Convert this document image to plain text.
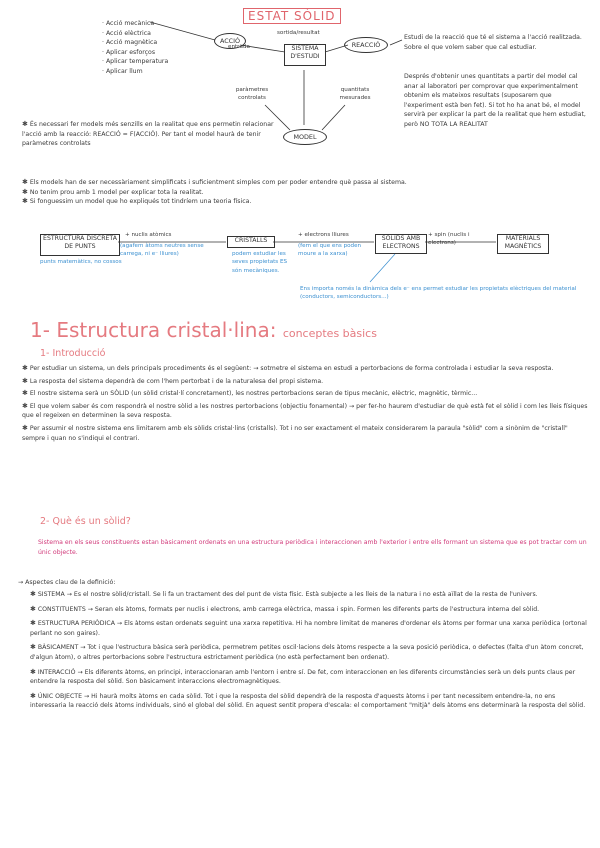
ESTAT SÒLID
· Acció mecànica
· Acció elèctrica
· Acció magnètica
· Aplicar esforços
· Aplicar temperatura
· Aplicar llum
ACCIÓ
entrada
sortida/resultat
SISTEMA D'ESTUDI
REACCIÓ
paràmetres controlats
quantitats mesurades
MODEL
Estudi de la reacció que té el sistema a l'acció realitzada. Sobre el que volem saber que cal estudiar.
Després d'obtenir unes quantitats a partir del model cal anar al laboratori per comprovar que experimentalment obtenim els mateixos resultats (suposarem que l'experiment està ben fet). Si tot ho ha anat bé, el model servirà per explicar la part de la realitat que hem estudiat, però NO TOTA LA REALITAT
✱ És necessari fer models més senzills en la realitat que ens permetin relacionar l'acció amb la reacció: REACCIÓ = F(ACCIÓ). Per tant el model haurà de tenir paràmetres controlats
✱ Els models han de ser necessàriament simplificats i suficientment simples com per poder entendre què passa al sistema.
✱ No tenim prou amb 1 model per explicar tota la realitat.
✱ Si fonguessim un model que ho expliqués tot tindríem una teoria física.
ESTRUCTURA DISCRETA DE PUNTS
punts matemàtics, no cossos
+ nuclis atòmics
(agafem àtoms neutres sense carrega, ni e⁻ lliures)
CRISTALLS
podem estudiar les seves propietats ES són mecàniques.
+ electrons lliures
(fem el que ens poden moure a la xarxa)
SÒLIDS AMB ELECTRONS
+ spin (nuclis i electrons)
MATERIALS MAGNÈTICS
Ens importa només la dinàmica dels e⁻ ens permet estudiar les propietats elèctriques del material (conductors, semiconductors...)
1- Estructura cristal·lina: conceptes bàsics
1- Introducció
✱ Per estudiar un sistema, un dels principals procediments és el següent: → sotmetre el sistema en estudi a pertorbacions de forma controlada i estudiar la seva resposta.
✱ La resposta del sistema dependrà de com l'hem pertorbat i de la naturalesa del propi sistema.
✱ El nostre sistema serà un SÒLID (un sòlid cristal·lí concretament), les nostres pertorbacions seran de tipus mecànic, elèctric, magnètic, tèrmic...
✱ El que volem saber és com respondrà el nostre sòlid a les nostres pertorbacions (objectiu fonamental) → per fer-ho haurem d'estudiar de què està fet el sòlid i com les lleis físiques que el regeixen en determinen la seva resposta.
✱ Per assumir el nostre sistema ens limitarem amb els sòlids cristal·lins (cristalls). Tot i no ser exactament el mateix considerarem la paraula "sòlid" com a sinònim de "cristall" sempre i quan no s'indiqui el contrari.
2- Què és un sòlid?
Sistema en els seus constituents estan bàsicament ordenats en una estructura periòdica i interaccionen amb l'exterior i entre ells formant un sistema que es pot tractar com un únic objecte.
→ Aspectes clau de la definició:
✱ SISTEMA → Es el nostre sòlid/cristall. Se li fa un tractament des del punt de vista físic. Està subjecte a les lleis de la natura i no està aïllat de la resta de l'univers.
✱ CONSTITUENTS → Seran els àtoms, formats per nuclis i electrons, amb carrega elèctrica, massa i spin. Formen les diferents parts de l'estructura interna del sòlid.
✱ ESTRUCTURA PERIÒDICA → Els àtoms estan ordenats seguint una xarxa repetitiva. Hi ha nombre limitat de maneres d'ordenar els àtoms per formar una xarxa periòdica (ortonal perlant no son gaires).
✱ BÀSICAMENT → Tot i que l'estructura bàsica serà periòdica, permetrem petites oscil·lacions dels àtoms respecte a la seva posició periòdica, o defectes (falta d'un àtom concret, d'algun àtom), o altres pertorbacions sobre l'estructura estrictament periòdica (no està perfectament ben ordenat).
✱ INTERACCIÓ → Els diferents àtoms, en principi, interaccionaran amb l'entorn i entre sí. De fet, com interaccionen en les diferents circumstàncies serà un dels punts claus per entendre la resposta del sòlid. Son bàsicament interaccions electromagnètiques.
✱ ÚNIC OBJECTE → Hi haurà molts àtoms en cada sòlid. Tot i que la resposta del sòlid dependrà de la resposta d'aquests àtoms i per tant necessitem entendre-la, no ens interessaria la reacció dels àtoms individuals, sinó el global del sòlid. En aquest sentit propera d'escala: el comportament "mitjà" dels àtoms ens determinarà la resposta del sòlid.
